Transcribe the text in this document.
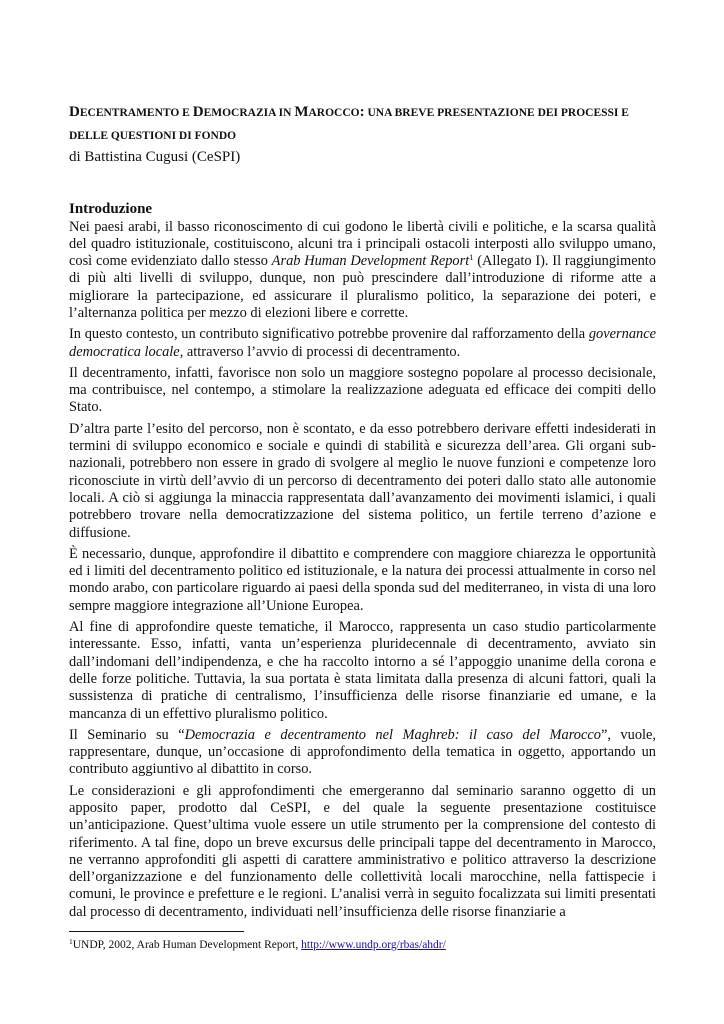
DECENTRAMENTO E DEMOCRAZIA IN MAROCCO: UNA BREVE PRESENTAZIONE DEI PROCESSI E DELLE QUESTIONI DI FONDO

di Battistina Cugusi (CeSPI)

Introduzione

Nei paesi arabi, il basso riconoscimento di cui godono le libertà civili e politiche, e la scarsa qualità del quadro istituzionale, costituiscono, alcuni tra i principali ostacoli interposti allo sviluppo umano, così come evidenziato dallo stesso Arab Human Development Report$^1$ (Allegato I). Il raggiungimento di più alti livelli di sviluppo, dunque, non può prescindere dall’introduzione di riforme atte a migliorare la partecipazione, ed assicurare il pluralismo politico, la separazione dei poteri, e l’alternanza politica per mezzo di elezioni libere e corrette.

In questo contesto, un contributo significativo potrebbe provenire dal rafforzamento della governance democratica locale, attraverso l’avvio di processi di decentramento.

Il decentramento, infatti, favorisce non solo un maggiore sostegno popolare al processo decisionale, ma contribuisce, nel contempo, a stimolare la realizzazione adeguata ed efficace dei compiti dello Stato.

D’altra parte l’esito del percorso, non è scontato, e da esso potrebbero derivare effetti indesiderati in termini di sviluppo economico e sociale e quindi di stabilità e sicurezza dell’area. Gli organi sub-nazionali, potrebbero non essere in grado di svolgere al meglio le nuove funzioni e competenze loro riconosciute in virtù dell’avvio di un percorso di decentramento dei poteri dallo stato alle autonomie locali. A ciò si aggiunga la minaccia rappresentata dall’avanzamento dei movimenti islamici, i quali potrebbero trovare nella democratizzazione del sistema politico, un fertile terreno d’azione e diffusione.

È necessario, dunque, approfondire il dibattito e comprendere con maggiore chiarezza le opportunità ed i limiti del decentramento politico ed istituzionale, e la natura dei processi attualmente in corso nel mondo arabo, con particolare riguardo ai paesi della sponda sud del mediterraneo, in vista di una loro sempre maggiore integrazione all’Unione Europea.

Al fine di approfondire queste tematiche, il Marocco, rappresenta un caso studio particolarmente interessante. Esso, infatti, vanta un’esperienza pluridecennale di decentramento, avviato sin dall’indomani dell’indipendenza, e che ha raccolto intorno a sé l’appoggio unanime della corona e delle forze politiche. Tuttavia, la sua portata è stata limitata dalla presenza di alcuni fattori, quali la sussistenza di pratiche di centralismo, l’insufficienza delle risorse finanziarie ed umane, e la mancanza di un effettivo pluralismo politico.

Il Seminario su “Democrazia e decentramento nel Maghreb: il caso del Marocco”, vuole, rappresentare, dunque, un’occasione di approfondimento della tematica in oggetto, apportando un contributo aggiuntivo al dibattito in corso.

Le considerazioni e gli approfondimenti che emergeranno dal seminario saranno oggetto di un apposito paper, prodotto dal CeSPI, e del quale la seguente presentazione costituisce un’anticipazione. Quest’ultima vuole essere un utile strumento per la comprensione del contesto di riferimento. A tal fine, dopo un breve excursus delle principali tappe del decentramento in Marocco, ne verranno approfonditi gli aspetti di carattere amministrativo e politico attraverso la descrizione dell’organizzazione e del funzionamento delle collettività locali marocchine, nella fattispecie i comuni, le province e prefetture e le regioni. L’analisi verrà in seguito focalizzata sui limiti presentati dal processo di decentramento, individuati nell’insufficienza delle risorse finanziarie a

$^1$UNDP, 2002, Arab Human Development Report, http://www.undp.org/rbas/ahdr/
